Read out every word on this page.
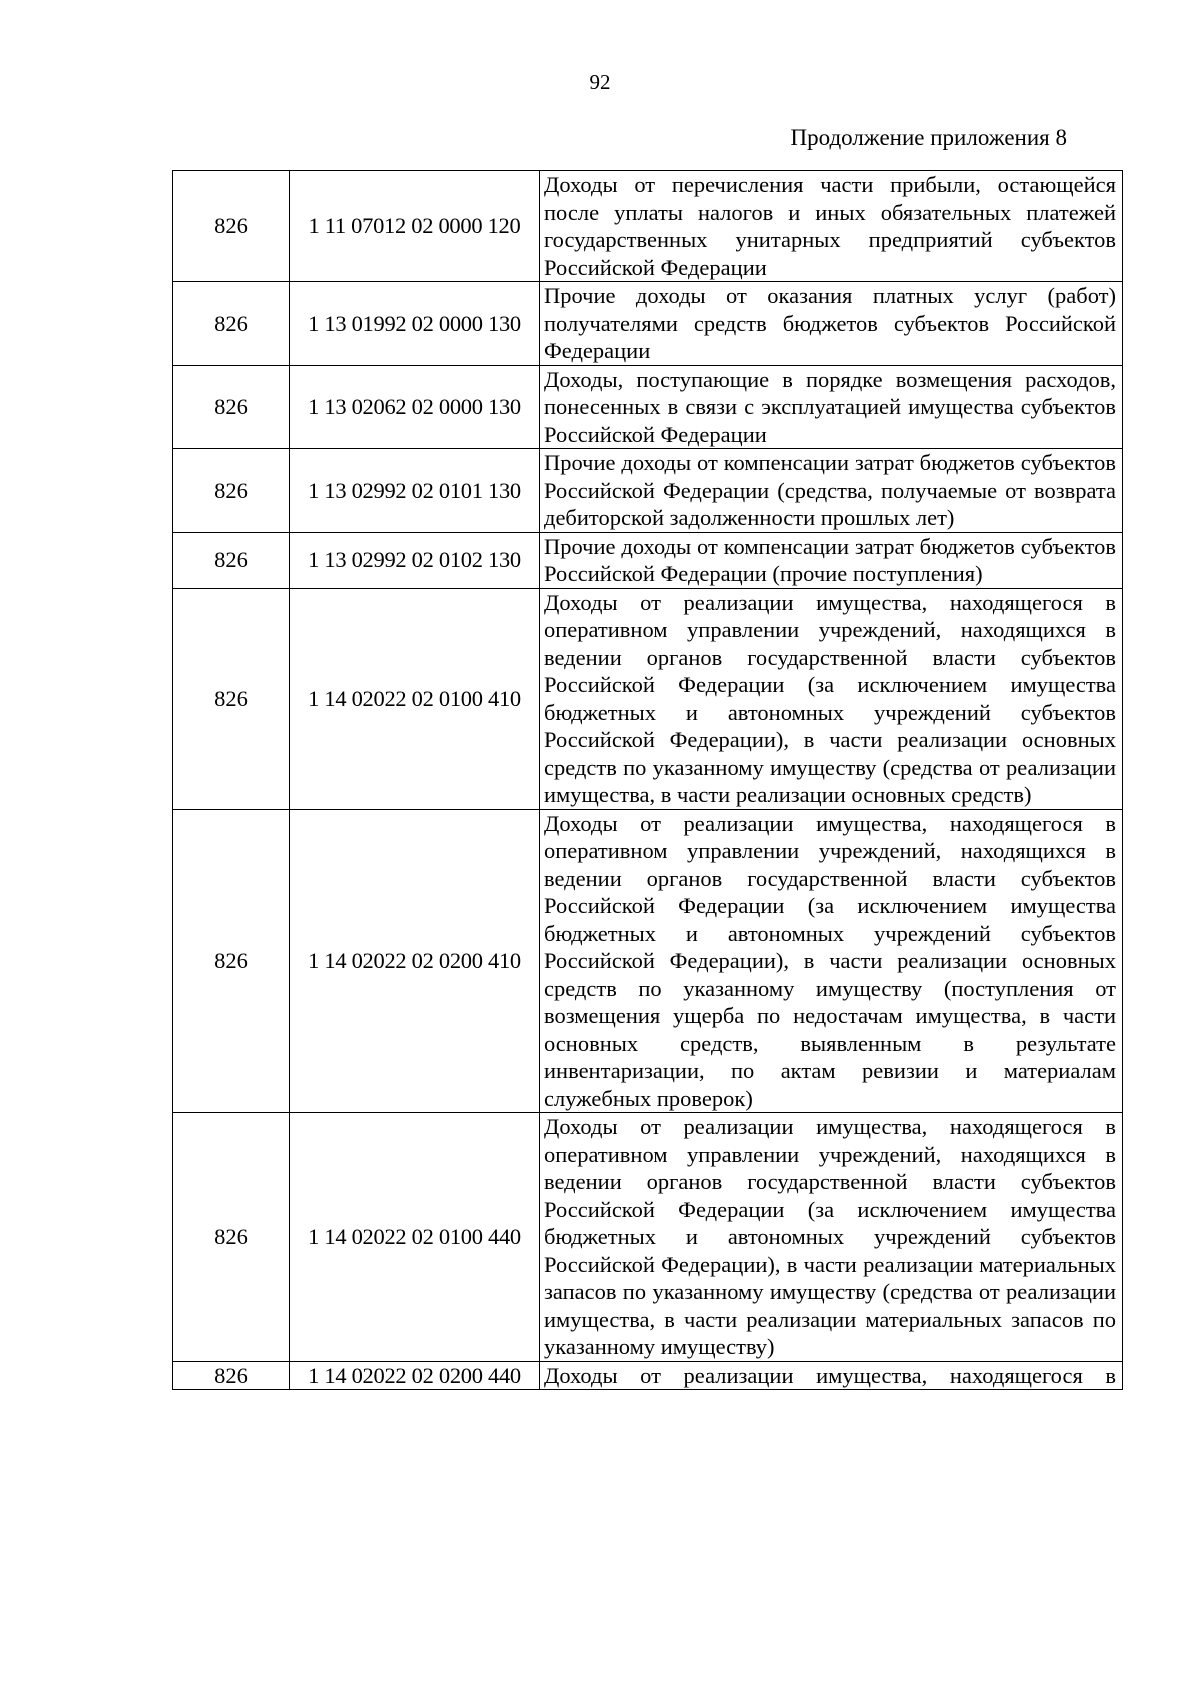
92
Продолжение приложения 8
826	1 11 07012 02 0000 120	Доходы от перечисления части прибыли, остающейся после уплаты налогов и иных обязательных платежей государственных унитарных предприятий субъектов Российской Федерации
826	1 13 01992 02 0000 130	Прочие доходы от оказания платных услуг (работ) получателями средств бюджетов субъектов Российской Федерации
826	1 13 02062 02 0000 130	Доходы, поступающие в порядке возмещения расходов, понесенных в связи с эксплуатацией имущества субъектов Российской Федерации
826	1 13 02992 02 0101 130	Прочие доходы от компенсации затрат бюджетов субъектов Российской Федерации (средства, получаемые от возврата дебиторской задолженности прошлых лет)
826	1 13 02992 02 0102 130	Прочие доходы от компенсации затрат бюджетов субъектов Российской Федерации (прочие поступления)
826	1 14 02022 02 0100 410	Доходы от реализации имущества, находящегося в оперативном управлении учреждений, находящихся в ведении органов государственной власти субъектов Российской Федерации (за исключением имущества бюджетных и автономных учреждений субъектов Российской Федерации), в части реализации основных средств по указанному имуществу (средства от реализации имущества, в части реализации основных средств)
826	1 14 02022 02 0200 410	Доходы от реализации имущества, находящегося в оперативном управлении учреждений, находящихся в ведении органов государственной власти субъектов Российской Федерации (за исключением имущества бюджетных и автономных учреждений субъектов Российской Федерации), в части реализации основных средств по указанному имуществу (поступления от возмещения ущерба по недостачам имущества, в части основных средств, выявленным в результате инвентаризации, по актам ревизии и материалам служебных проверок)
826	1 14 02022 02 0100 440	Доходы от реализации имущества, находящегося в оперативном управлении учреждений, находящихся в ведении органов государственной власти субъектов Российской Федерации (за исключением имущества бюджетных и автономных учреждений субъектов Российской Федерации), в части реализации материальных запасов по указанному имуществу (средства от реализации имущества, в части реализации материальных запасов по указанному имуществу)
826	1 14 02022 02 0200 440	Доходы от реализации имущества, находящегося в
